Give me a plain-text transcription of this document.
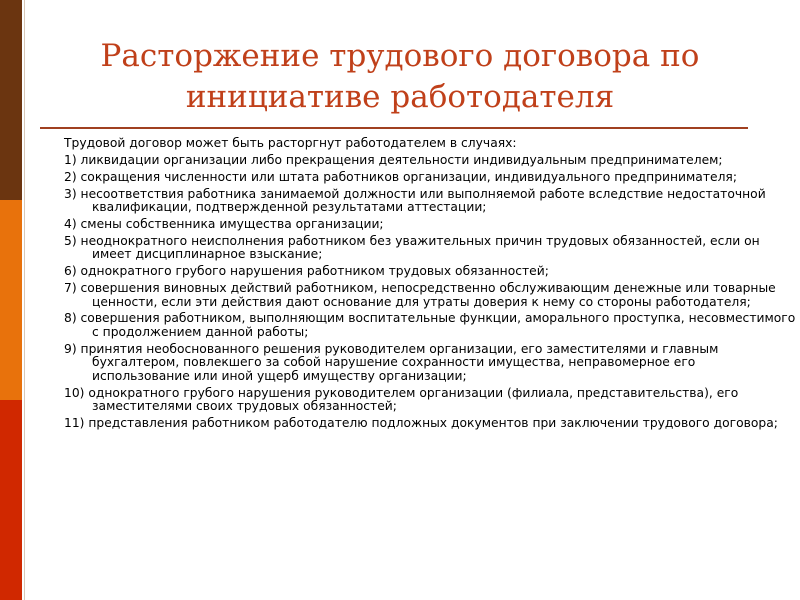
Расторжение трудового договора по
инициативе работодателя

Трудовой договор может быть расторгнут работодателем в случаях:

1) ликвидации организации либо прекращения деятельности индивидуальным предпринимателем;
2) сокращения численности или штата работников организации, индивидуального предпринимателя;
3) несоответствия работника занимаемой должности или выполняемой работе вследствие недостаточной квалификации, подтвержденной результатами аттестации;
4) смены собственника имущества организации;
5) неоднократного неисполнения работником без уважительных причин трудовых обязанностей, если он имеет дисциплинарное взыскание;
6) однократного грубого нарушения работником трудовых обязанностей;
7) совершения виновных действий работником, непосредственно обслуживающим денежные или товарные ценности, если эти действия дают основание для утраты доверия к нему со стороны работодателя;
8) совершения работником, выполняющим воспитательные функции, аморального проступка, несовместимого с продолжением данной работы;
9) принятия необоснованного решения руководителем организации, его заместителями и главным бухгалтером, повлекшего за собой нарушение сохранности имущества, неправомерное его использование или иной ущерб имуществу организации;
10) однократного грубого нарушения руководителем организации (филиала, представительства), его заместителями своих трудовых обязанностей;
11) представления работником работодателю подложных документов при заключении трудового договора;
